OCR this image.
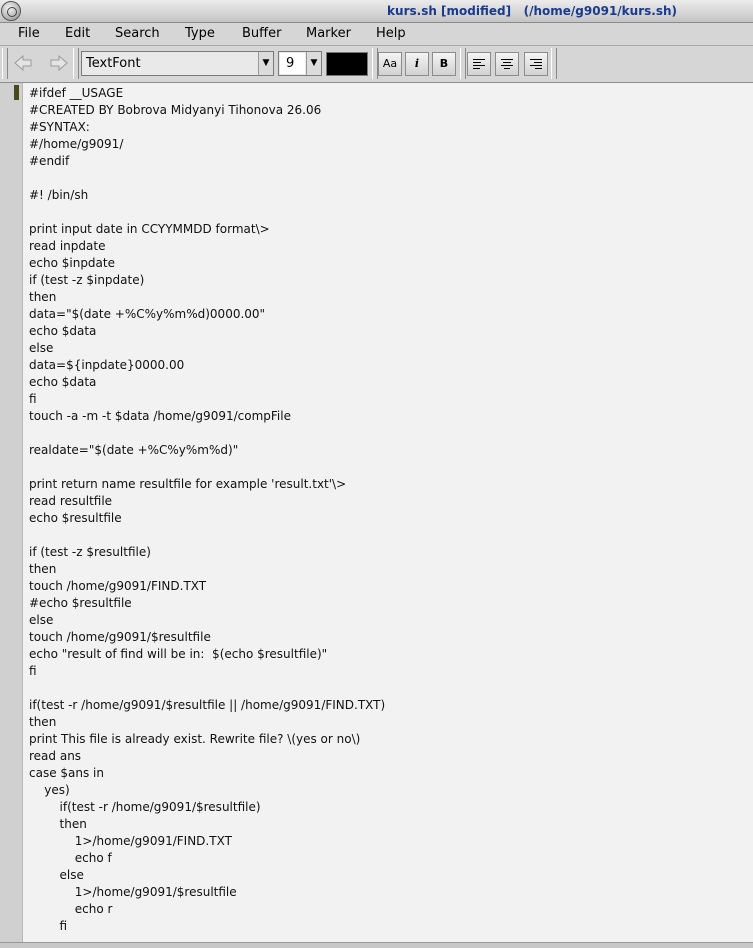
kurs.sh [modified]   (/home/g9091/kurs.sh)
File Edit Search Type Buffer Marker Help
TextFont	▼	9	▼	Aa	i	B
#ifdef __USAGE
#CREATED BY Bobrova Midyanyi Tihonova 26.06
#SYNTAX:
#/home/g9091/
#endif
#! /bin/sh
print input date in CCYYMMDD format\>
read inpdate
echo $inpdate
if (test -z $inpdate)
then
data="$(date +%C%y%m%d)0000.00"
echo $data
else
data=${inpdate}0000.00
echo $data
fi
touch -a -m -t $data /home/g9091/compFile
realdate="$(date +%C%y%m%d)"
print return name resultfile for example 'result.txt'\>
read resultfile
echo $resultfile
if (test -z $resultfile)
then
touch /home/g9091/FIND.TXT
#echo $resultfile
else
touch /home/g9091/$resultfile
echo "result of find will be in:  $(echo $resultfile)"
fi
if(test -r /home/g9091/$resultfile || /home/g9091/FIND.TXT)
then
print This file is already exist. Rewrite file? \(yes or no\)
read ans
case $ans in
yes)
if(test -r /home/g9091/$resultfile)
then
1>/home/g9091/FIND.TXT
echo f
else
1>/home/g9091/$resultfile
echo r
fi
